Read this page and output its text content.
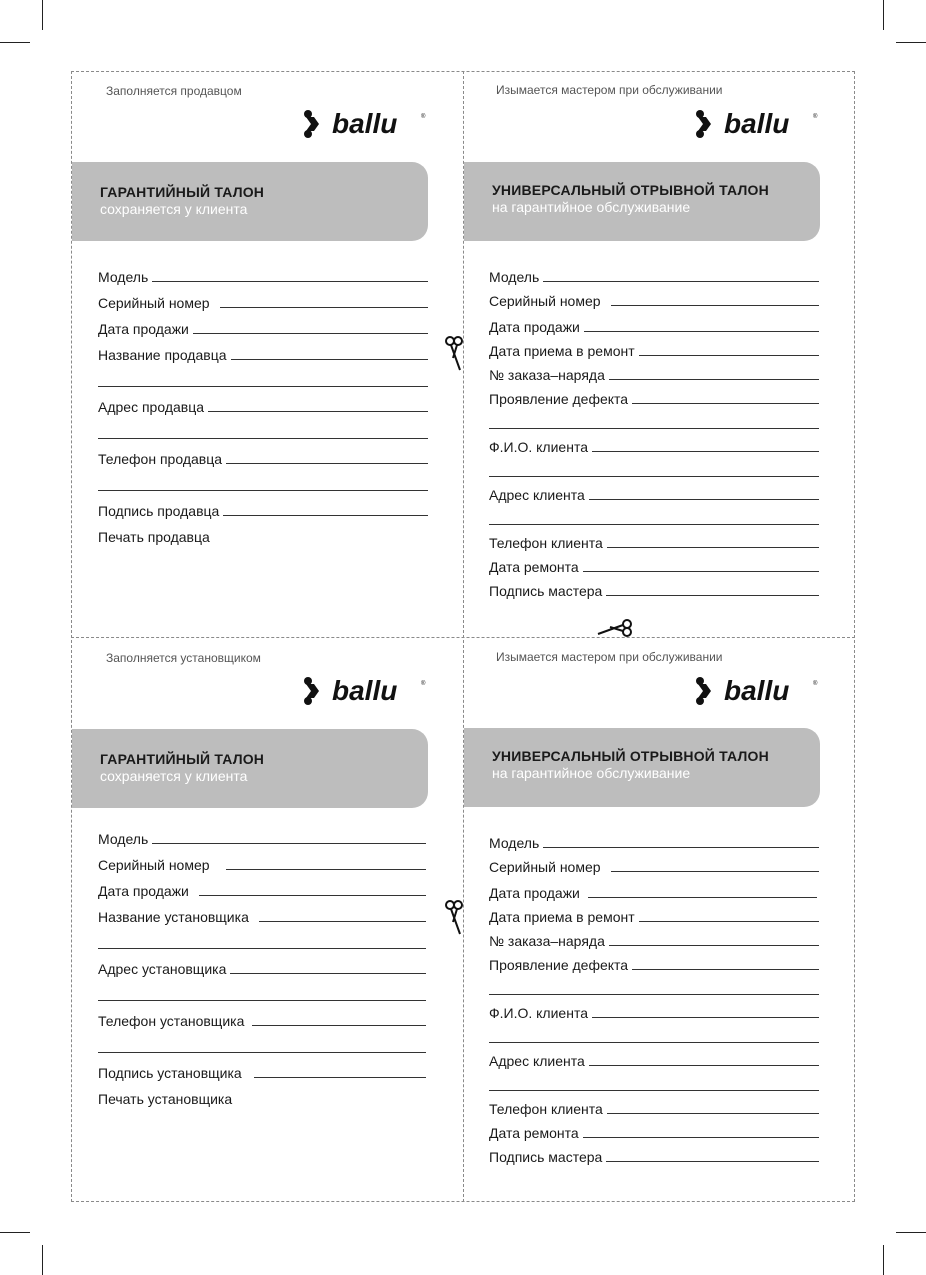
Заполняется продавцом
ballu	®
ГАРАНТИЙНЫЙ ТАЛОН
сохраняется у клиента
Модель
Серийный номер
Дата продажи
Название продавца
Адрес продавца
Телефон продавца
Подпись продавца
Печать продавца
Изымается мастером при обслуживании
ballu	®
УНИВЕРСАЛЬНЫЙ ОТРЫВНОЙ ТАЛОН
на гарантийное обслуживание
Модель
Серийный номер
Дата продажи
Дата приема в ремонт
№ заказа–наряда
Проявление дефекта
Ф.И.О. клиента
Адрес клиента
Телефон клиента
Дата ремонта
Подпись мастера
Заполняется установщиком
ballu	®
ГАРАНТИЙНЫЙ ТАЛОН
сохраняется у клиента
Модель
Серийный номер
Дата продажи
Название установщика
Адрес установщика
Телефон установщика
Подпись установщика
Печать установщика
Изымается мастером при обслуживании
ballu	®
УНИВЕРСАЛЬНЫЙ ОТРЫВНОЙ ТАЛОН
на гарантийное обслуживание
Модель
Серийный номер
Дата продажи
Дата приема в ремонт
№ заказа–наряда
Проявление дефекта
Ф.И.О. клиента
Адрес клиента
Телефон клиента
Дата ремонта
Подпись мастера
